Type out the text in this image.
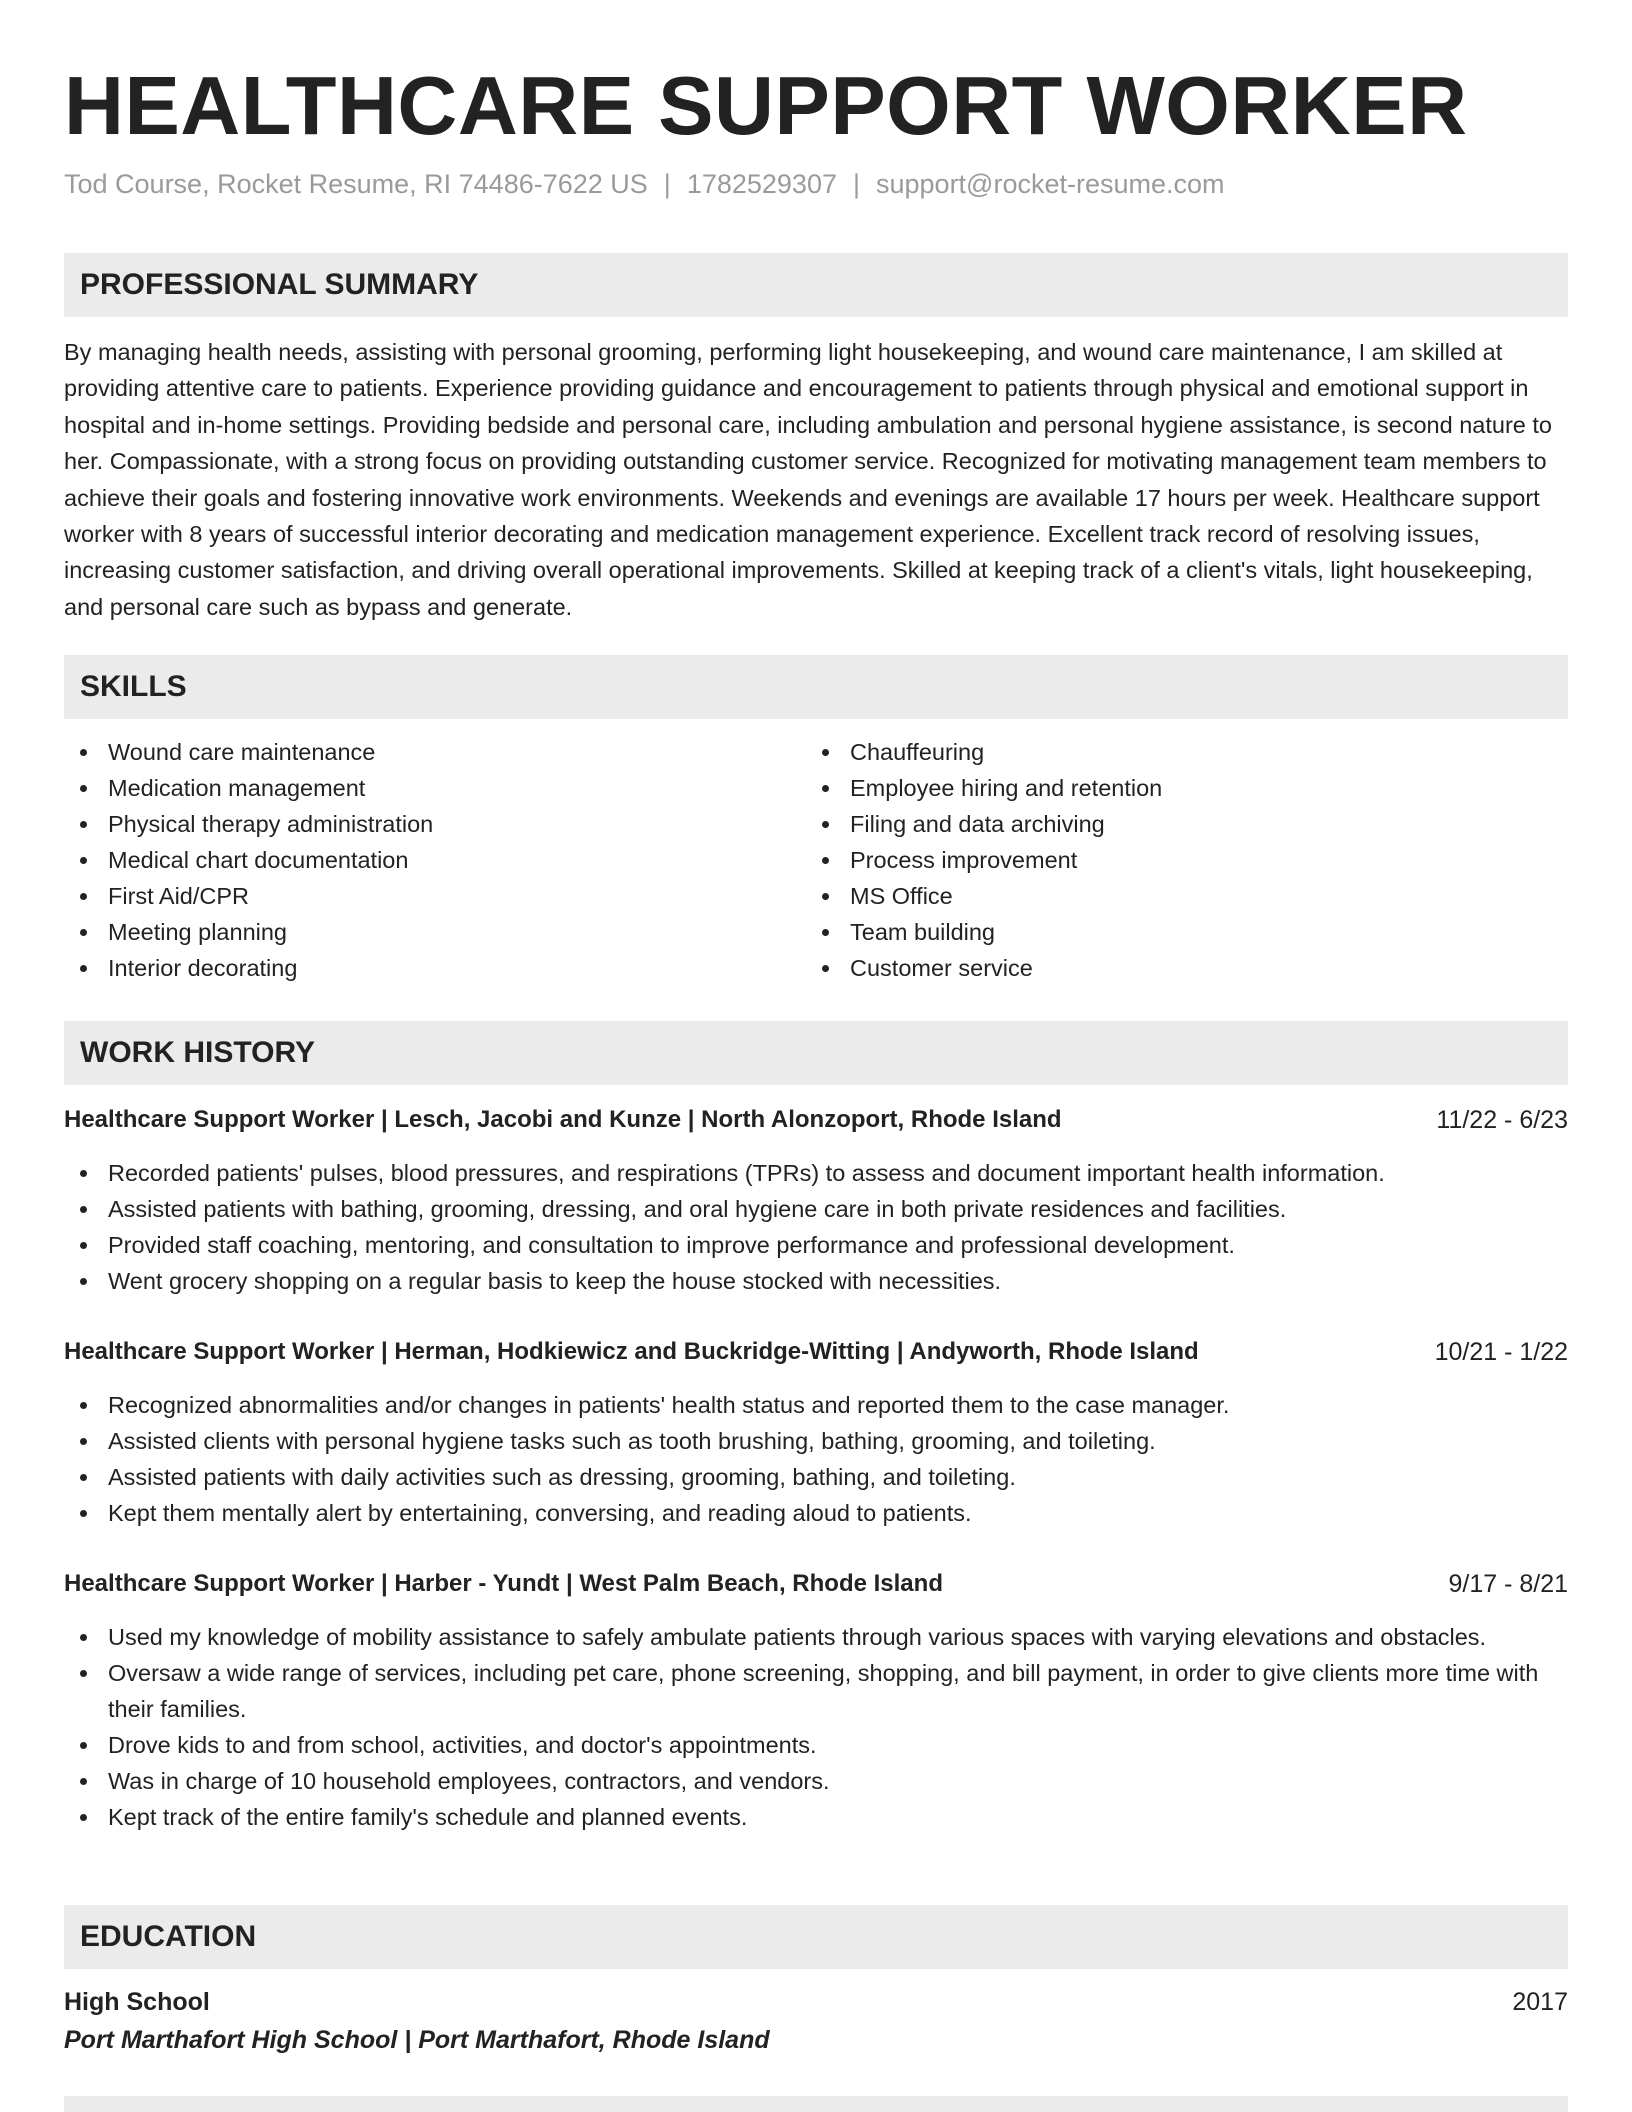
HEALTHCARE SUPPORT WORKER
Tod Course, Rocket Resume, RI 74486-7622 US | 1782529307 | support@rocket-resume.com
PROFESSIONAL SUMMARY

By managing health needs, assisting with personal grooming, performing light housekeeping, and wound care maintenance, I am skilled at providing attentive care to patients. Experience providing guidance and encouragement to patients through physical and emotional support in hospital and in-home settings. Providing bedside and personal care, including ambulation and personal hygiene assistance, is second nature to her. Compassionate, with a strong focus on providing outstanding customer service. Recognized for motivating management team members to achieve their goals and fostering innovative work environments. Weekends and evenings are available 17 hours per week. Healthcare support worker with 8 years of successful interior decorating and medication management experience. Excellent track record of resolving issues, increasing customer satisfaction, and driving overall operational improvements. Skilled at keeping track of a client's vitals, light housekeeping, and personal care such as bypass and generate.

SKILLS
Wound care maintenance
Medication management
Physical therapy administration
Medical chart documentation
First Aid/CPR
Meeting planning
Interior decorating
Chauffeuring
Employee hiring and retention
Filing and data archiving
Process improvement
MS Office
Team building
Customer service
WORK HISTORY
Healthcare Support Worker | Lesch, Jacobi and Kunze | North Alonzoport, Rhode Island	11/22 - 6/23
Recorded patients' pulses, blood pressures, and respirations (TPRs) to assess and document important health information.
Assisted patients with bathing, grooming, dressing, and oral hygiene care in both private residences and facilities.
Provided staff coaching, mentoring, and consultation to improve performance and professional development.
Went grocery shopping on a regular basis to keep the house stocked with necessities.
Healthcare Support Worker | Herman, Hodkiewicz and Buckridge-Witting | Andyworth, Rhode Island	10/21 - 1/22
Recognized abnormalities and/or changes in patients' health status and reported them to the case manager.
Assisted clients with personal hygiene tasks such as tooth brushing, bathing, grooming, and toileting.
Assisted patients with daily activities such as dressing, grooming, bathing, and toileting.
Kept them mentally alert by entertaining, conversing, and reading aloud to patients.
Healthcare Support Worker | Harber - Yundt | West Palm Beach, Rhode Island	9/17 - 8/21
Used my knowledge of mobility assistance to safely ambulate patients through various spaces with varying elevations and obstacles.
Oversaw a wide range of services, including pet care, phone screening, shopping, and bill payment, in order to give clients more time with their families.
Drove kids to and from school, activities, and doctor's appointments.
Was in charge of 10 household employees, contractors, and vendors.
Kept track of the entire family's schedule and planned events.
EDUCATION
High School	2017
Port Marthafort High School | Port Marthafort, Rhode Island
